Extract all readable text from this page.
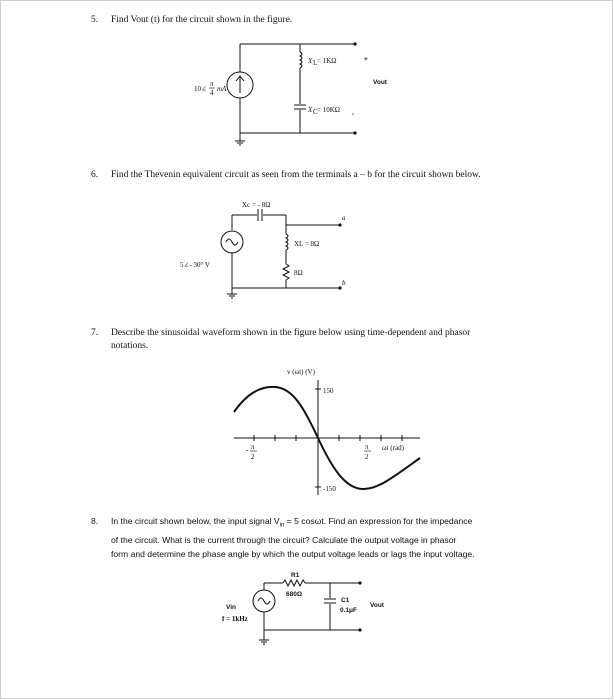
5.	Find Vout (t) for the circuit shown in the figure.
6.	Find the Thevenin equivalent circuit as seen from the terminals a – b for the circuit shown below.
7.	Describe the sinusoidal waveform shown in the figure below using time-dependent and phasor
notations.
8.	In the circuit shown below, the input signal $V_{in} = 5$ cosωt. Find an expression for the impedance
of the circuit. What is the current through the circuit? Calculate the output voltage in phasor
form and determine the phase angle by which the output voltage leads or lags the input voltage.
10∠
π
4 mA
X L = 1KΩ
X C = 10KΩ
+
Vout
-
Xc = - 8Ω
XL = 8Ω
8Ω
5∠- 30° V
a
b
v (ωt) (V)
150
-150
- π
2
π
2
ωt (rad)
R1
680Ω
C1
0.1μF
Vout
Vin
f = 1kHz
